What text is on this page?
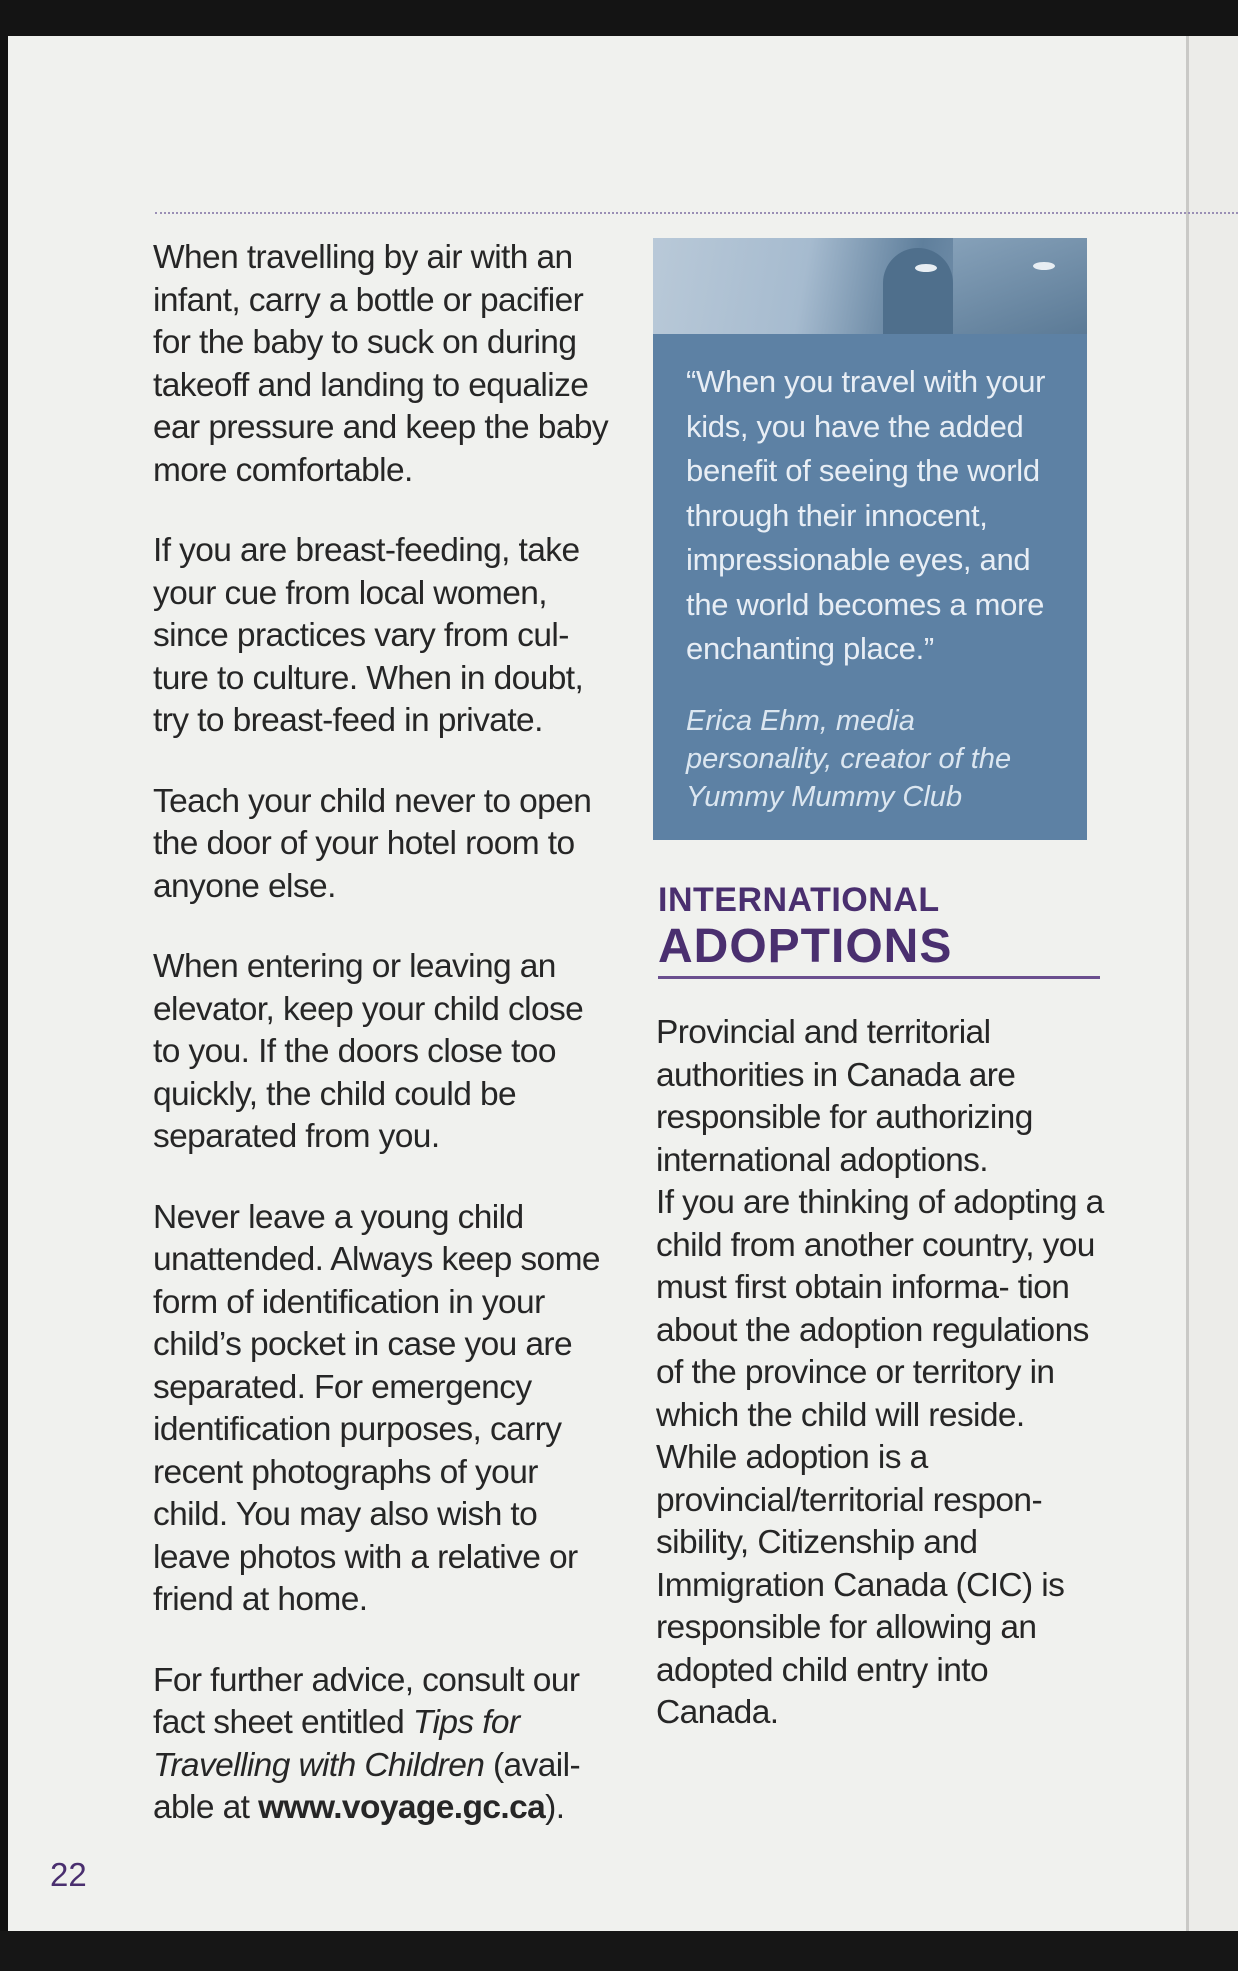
When travelling by air with an infant, carry a bottle or pacifier for the baby to suck on during takeoff and landing to equalize ear pressure and keep the baby more comfortable.

If you are breast-feeding, take your cue from local women, since practices vary from cul- ture to culture. When in doubt, try to breast-feed in private.

Teach your child never to open the door of your hotel room to anyone else.

When entering or leaving an elevator, keep your child close to you. If the doors close too quickly, the child could be separated from you.

Never leave a young child unattended. Always keep some form of identification in your child’s pocket in case you are separated. For emergency identification purposes, carry recent photographs of your child. You may also wish to leave photos with a relative or friend at home.

For further advice, consult our fact sheet entitled Tips for Travelling with Children (avail- able at www.voyage.gc.ca).

“When you travel with your kids, you have the added benefit of seeing the world through their innocent, impressionable eyes, and the world becomes a more enchanting place.”
Erica Ehm, media personality, creator of the Yummy Mummy Club
INTERNATIONAL
ADOPTIONS

Provincial and territorial authorities in Canada are responsible for authorizing international adoptions.

If you are thinking of adopting a child from another country, you must first obtain informa- tion about the adoption regulations of the province or territory in which the child will reside. While adoption is a provincial/territorial respon- sibility, Citizenship and Immigration Canada (CIC) is responsible for allowing an adopted child entry into Canada.

22
